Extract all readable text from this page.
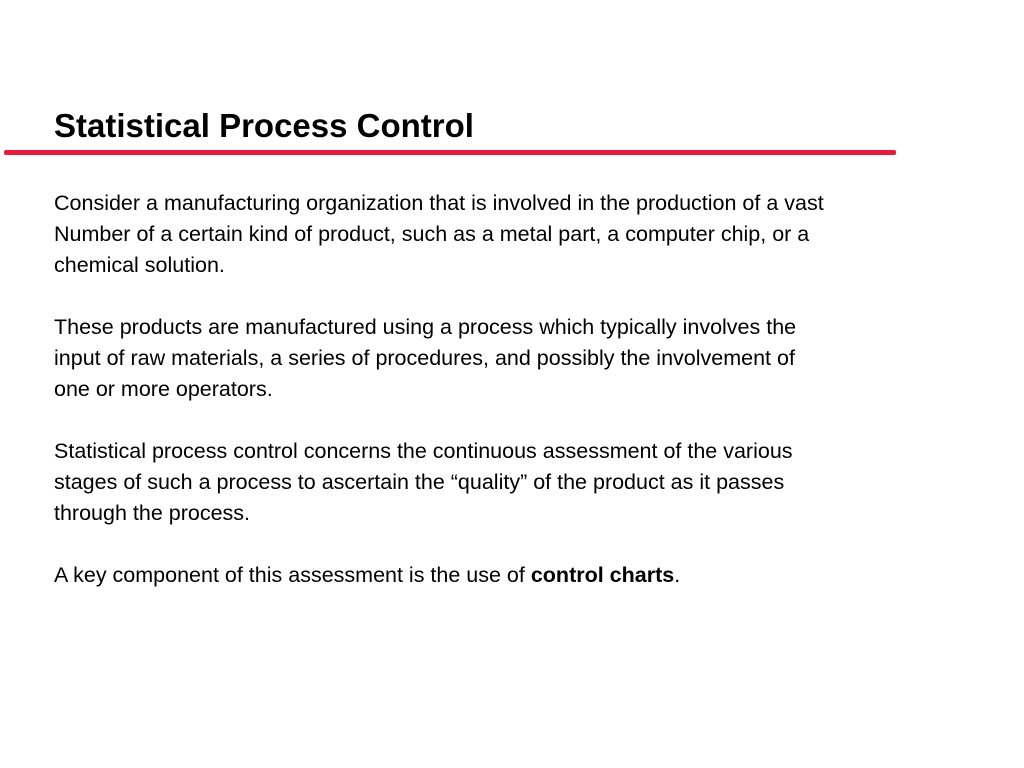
Statistical Process Control

Consider a manufacturing organization that is involved in the production of a vast
Number of a certain kind of product, such as a metal part, a computer chip, or a
chemical solution.

These products are manufactured using a process which typically involves the
input of raw materials, a series of procedures, and possibly the involvement of
one or more operators.

Statistical process control concerns the continuous assessment of the various
stages of such a process to ascertain the “quality” of the product as it passes
through the process.

A key component of this assessment is the use of control charts.
